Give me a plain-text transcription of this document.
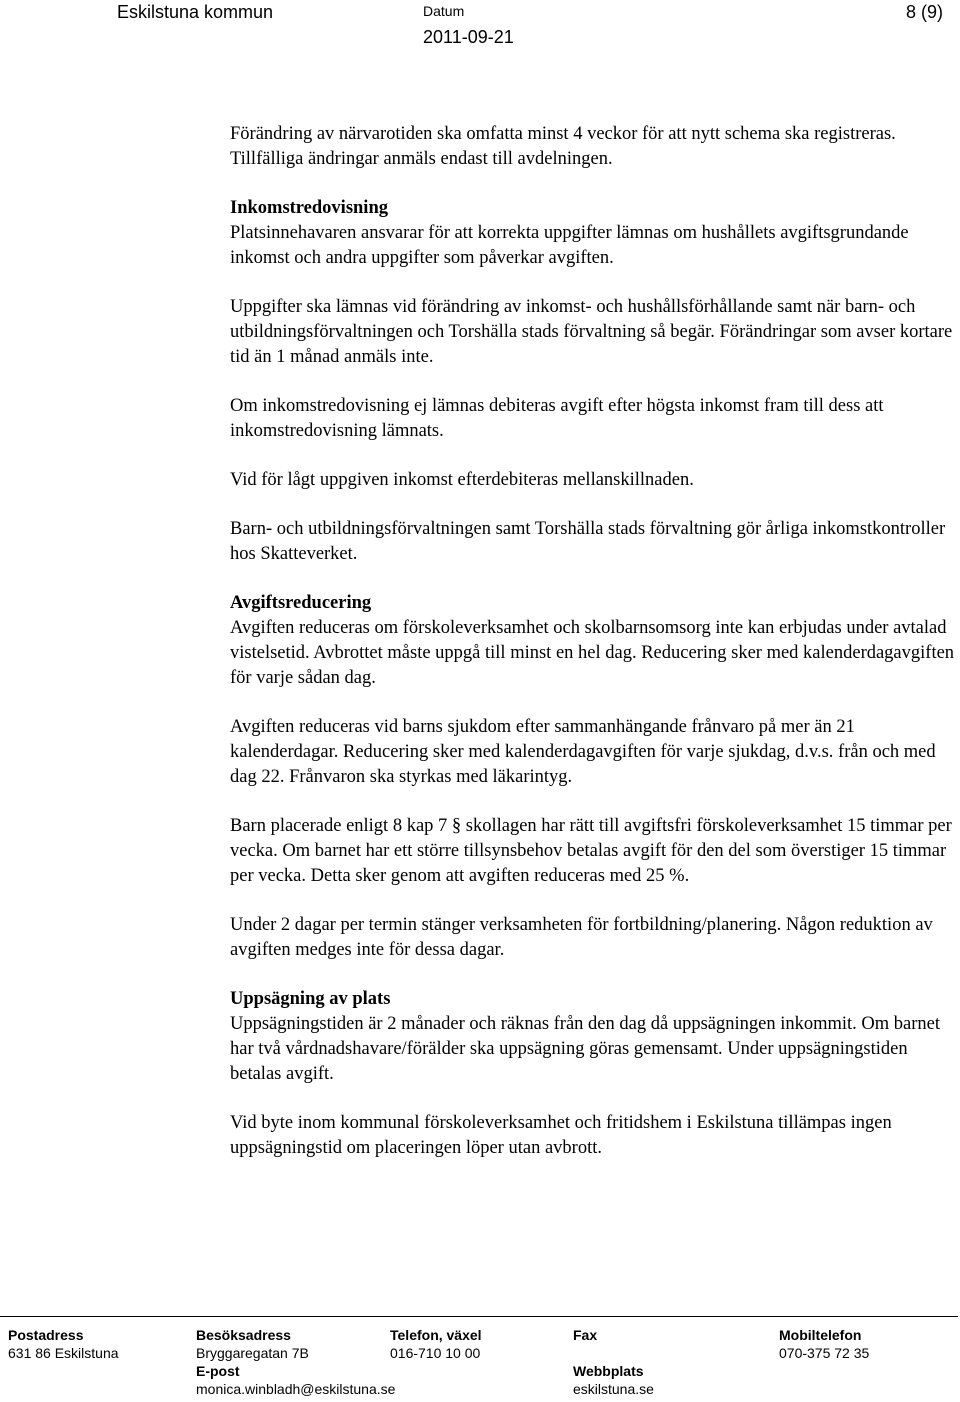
Eskilstuna kommun	Datum
2011-09-21
8 (9)

Förändring av närvarotiden ska omfatta minst 4 veckor för att nytt schema ska registreras. Tillfälliga ändringar anmäls endast till avdelningen.

Inkomstredovisning
Platsinnehavaren ansvarar för att korrekta uppgifter lämnas om hushållets avgiftsgrundande inkomst och andra uppgifter som påverkar avgiften.

Uppgifter ska lämnas vid förändring av inkomst- och hushållsförhållande samt när barn- och utbildningsförvaltningen och Torshälla stads förvaltning så begär. Förändringar som avser kortare tid än 1 månad anmäls inte.

Om inkomstredovisning ej lämnas debiteras avgift efter högsta inkomst fram till dess att inkomstredovisning lämnats.

Vid för lågt uppgiven inkomst efterdebiteras mellanskillnaden.

Barn- och utbildningsförvaltningen samt Torshälla stads förvaltning gör årliga inkomstkontroller hos Skatteverket.

Avgiftsreducering
Avgiften reduceras om förskoleverksamhet och skolbarnsomsorg inte kan erbjudas under avtalad vistelsetid. Avbrottet måste uppgå till minst en hel dag. Reducering sker med kalenderdagavgiften för varje sådan dag.

Avgiften reduceras vid barns sjukdom efter sammanhängande frånvaro på mer än 21 kalenderdagar. Reducering sker med kalenderdagavgiften för varje sjukdag, d.v.s. från och med dag 22. Frånvaron ska styrkas med läkarintyg.

Barn placerade enligt 8 kap 7 § skollagen har rätt till avgiftsfri förskoleverksamhet 15 timmar per vecka. Om barnet har ett större tillsynsbehov betalas avgift för den del som överstiger 15 timmar per vecka. Detta sker genom att avgiften reduceras med 25 %.

Under 2 dagar per termin stänger verksamheten för fortbildning/planering. Någon reduktion av avgiften medges inte för dessa dagar.

Uppsägning av plats
Uppsägningstiden är 2 månader och räknas från den dag då uppsägningen inkommit. Om barnet har två vårdnadshavare/förälder ska uppsägning göras gemensamt. Under uppsägningstiden betalas avgift.

Vid byte inom kommunal förskoleverksamhet och fritidshem i Eskilstuna tillämpas ingen uppsägningstid om placeringen löper utan avbrott.

Postadress
631 86 Eskilstuna
Besöksadress
Bryggaregatan 7B
E-post
monica.winbladh@eskilstuna.se
Telefon, växel
016-710 10 00
Fax
Webbplats
eskilstuna.se
Mobiltelefon
070-375 72 35
